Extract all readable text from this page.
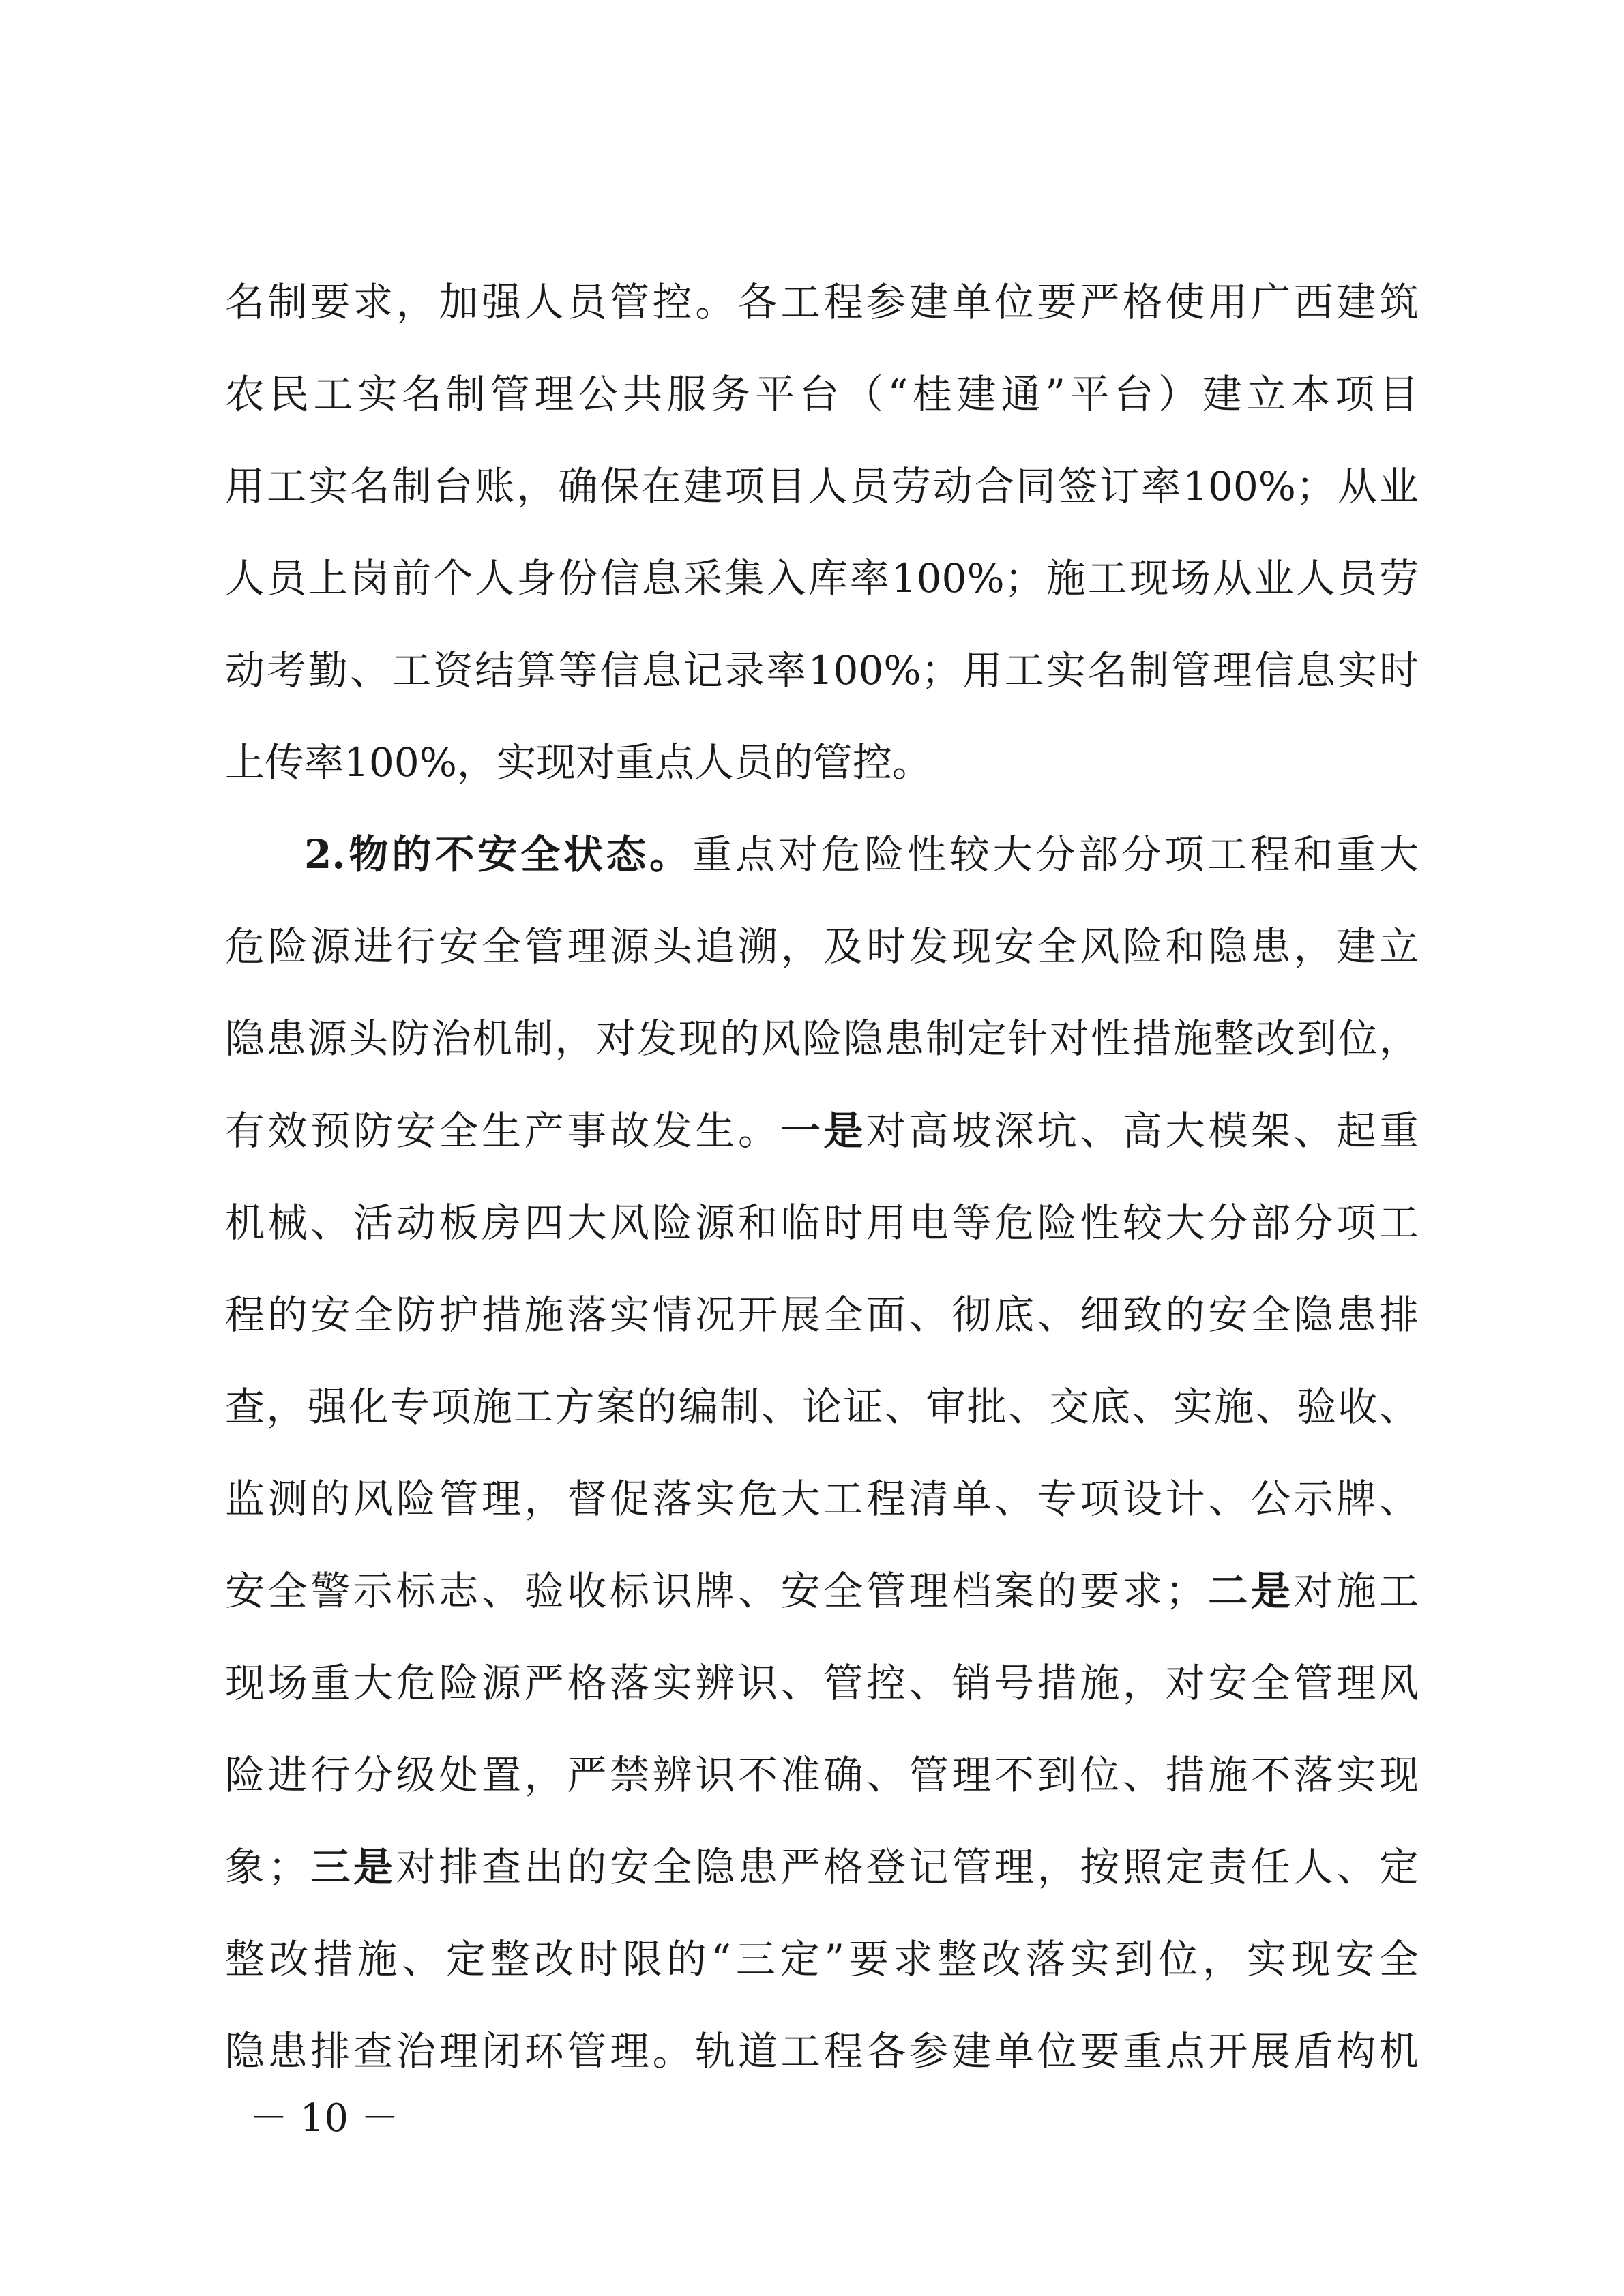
名制要求，加强人员管控。各工程参建单位要严格使用广西建筑
农民工实名制管理公共服务平台（“桂建通”平台）建立本项目
用工实名制台账，确保在建项目人员劳动合同签订率100%；从业
人员上岗前个人身份信息采集入库率100%；施工现场从业人员劳
动考勤、工资结算等信息记录率100%；用工实名制管理信息实时
上传率100%，实现对重点人员的管控。
2.物的不安全状态。重点对危险性较大分部分项工程和重大
危险源进行安全管理源头追溯，及时发现安全风险和隐患，建立
隐患源头防治机制，对发现的风险隐患制定针对性措施整改到位，
有效预防安全生产事故发生。一是对高坡深坑、高大模架、起重
机械、活动板房四大风险源和临时用电等危险性较大分部分项工
程的安全防护措施落实情况开展全面、彻底、细致的安全隐患排
查，强化专项施工方案的编制、论证、审批、交底、实施、验收、
监测的风险管理，督促落实危大工程清单、专项设计、公示牌、
安全警示标志、验收标识牌、安全管理档案的要求；二是对施工
现场重大危险源严格落实辨识、管控、销号措施，对安全管理风
险进行分级处置，严禁辨识不准确、管理不到位、措施不落实现
象；三是对排查出的安全隐患严格登记管理，按照定责任人、定
整改措施、定整改时限的“三定”要求整改落实到位，实现安全
隐患排查治理闭环管理。轨道工程各参建单位要重点开展盾构机
－ 10 －
